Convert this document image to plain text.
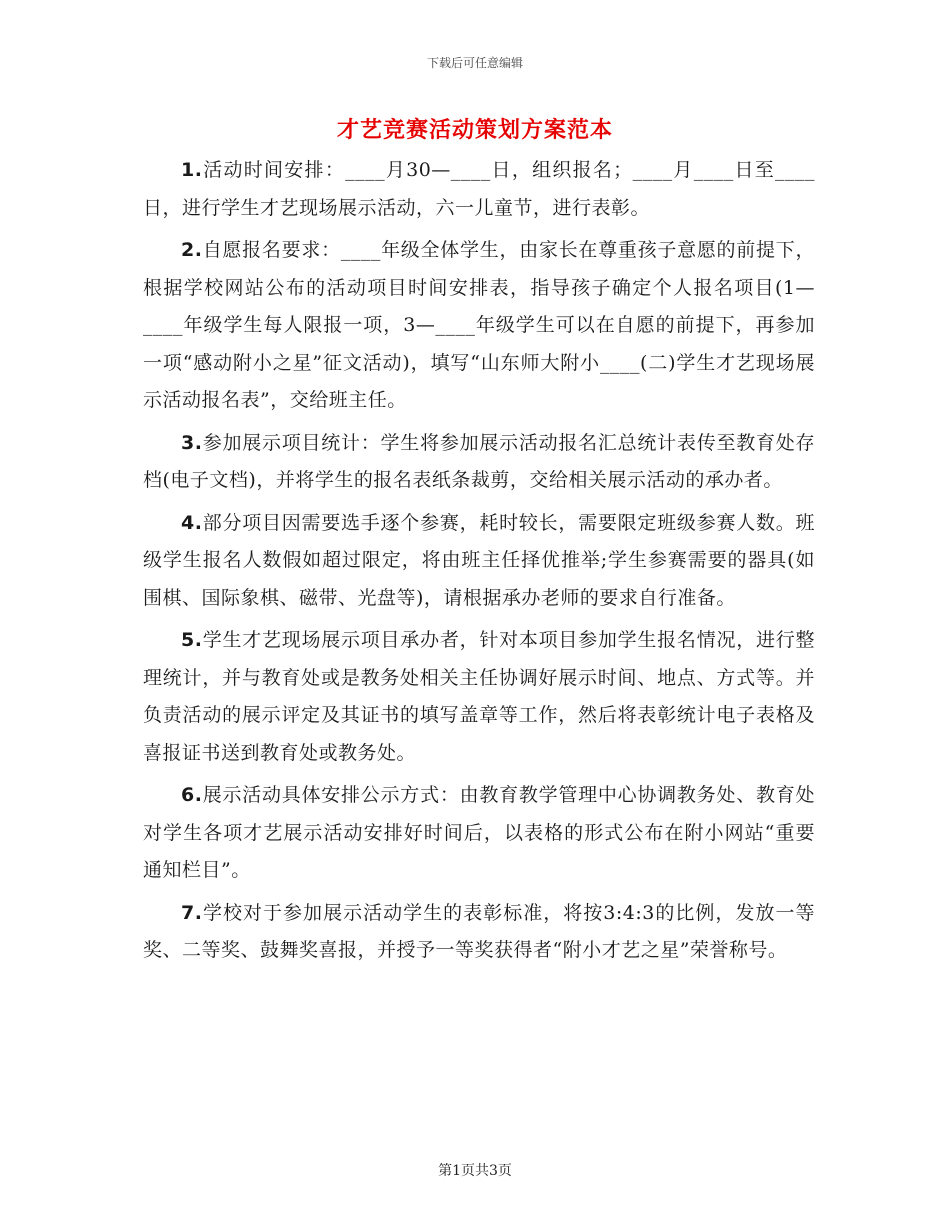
下载后可任意编辑
才艺竞赛活动策划方案范本

1.活动时间安排：____月30—____日，组织报名；____月____日至____日，进行学生才艺现场展示活动，六一儿童节，进行表彰。

2.自愿报名要求：____年级全体学生，由家长在尊重孩子意愿的前提下，根据学校网站公布的活动项目时间安排表，指导孩子确定个人报名项目(1—____年级学生每人限报一项，3—____年级学生可以在自愿的前提下，再参加一项“感动附小之星”征文活动)，填写“山东师大附小____(二)学生才艺现场展示活动报名表”，交给班主任。

3.参加展示项目统计：学生将参加展示活动报名汇总统计表传至教育处存档(电子文档)，并将学生的报名表纸条裁剪，交给相关展示活动的承办者。

4.部分项目因需要选手逐个参赛，耗时较长，需要限定班级参赛人数。班级学生报名人数假如超过限定，将由班主任择优推举;学生参赛需要的器具(如围棋、国际象棋、磁带、光盘等)，请根据承办老师的要求自行准备。

5.学生才艺现场展示项目承办者，针对本项目参加学生报名情况，进行整理统计，并与教育处或是教务处相关主任协调好展示时间、地点、方式等。并负责活动的展示评定及其证书的填写盖章等工作，然后将表彰统计电子表格及喜报证书送到教育处或教务处。

6.展示活动具体安排公示方式：由教育教学管理中心协调教务处、教育处对学生各项才艺展示活动安排好时间后，以表格的形式公布在附小网站“重要通知栏目”。

7.学校对于参加展示活动学生的表彰标准，将按3:4:3的比例，发放一等奖、二等奖、鼓舞奖喜报，并授予一等奖获得者“附小才艺之星”荣誉称号。

第1页共3页
